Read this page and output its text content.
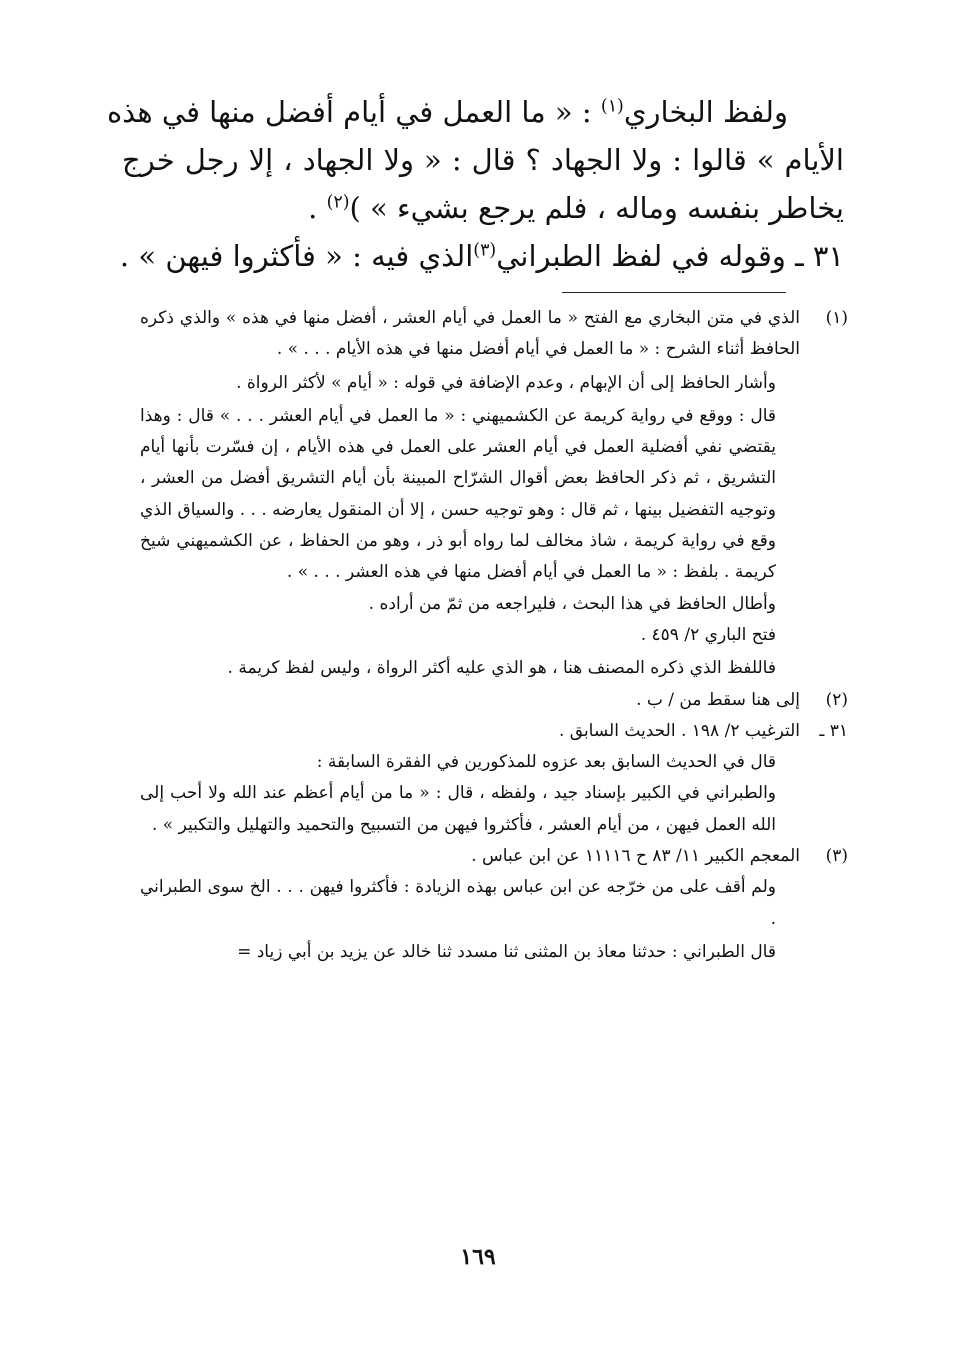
ولفظ البخاري$^{(١)}$ : « ما العمل في أيام أفضل منها في هذه
الأيام » قالوا : ولا الجهاد ؟ قال : « ولا الجهاد ، إلا رجل خرج
يخاطر بنفسه وماله ، فلم يرجع بشيء » )$^{(٢)}$ .
٣١ ـ وقوله في لفظ الطبراني$^{(٣)}$الذي فيه : « فأكثروا فيهن » .
(١)

الذي في متن البخاري مع الفتح « ما العمل في أيام العشر ، أفضل منها في هذه » والذي ذكره الحافظ أثناء الشرح : « ما العمل في أيام أفضل منها في هذه الأيام . . . » .

وأشار الحافظ إلى أن الإبهام ، وعدم الإضافة في قوله : « أيام » لأكثر الرواة .

قال : ووقع في رواية كريمة عن الكشميهني : « ما العمل في أيام العشر . . . » قال : وهذا يقتضي نفي أفضلية العمل في أيام العشر على العمل في هذه الأيام ، إن فسّرت بأنها أيام التشريق ، ثم ذكر الحافظ بعض أقوال الشرّاح المبينة بأن أيام التشريق أفضل من العشر ، وتوجيه التفضيل بينها ، ثم قال : وهو توجيه حسن ، إلا أن المنقول يعارضه . . . والسياق الذي وقع في رواية كريمة ، شاذ مخالف لما رواه أبو ذر ، وهو من الحفاظ ، عن الكشميهني شيخ كريمة . بلفظ : « ما العمل في أيام أفضل منها في هذه العشر . . . » .

وأطال الحافظ في هذا البحث ، فليراجعه من ثمّ من أراده .

فتح الباري ٢/ ٤٥٩ .

فاللفظ الذي ذكره المصنف هنا ، هو الذي عليه أكثر الرواة ، وليس لفظ كريمة .

(٢)

إلى هنا سقط من / ب .

٣١ ـ

الترغيب ٢/ ١٩٨ . الحديث السابق .

قال في الحديث السابق بعد عزوه للمذكورين في الفقرة السابقة :

والطبراني في الكبير بإسناد جيد ، ولفظه ، قال : « ما من أيام أعظم عند الله ولا أحب إلى الله العمل فيهن ، من أيام العشر ، فأكثروا فيهن من التسبيح والتحميد والتهليل والتكبير » .

(٣)

المعجم الكبير ١١/ ٨٣ ح ١١١١٦ عن ابن عباس .

ولم أقف على من خرّجه عن ابن عباس بهذه الزيادة : فأكثروا فيهن . . . الخ سوى الطبراني .

قال الطبراني : حدثنا معاذ بن المثنى ثنا مسدد ثنا خالد عن يزيد بن أبي زياد =

١٦٩
